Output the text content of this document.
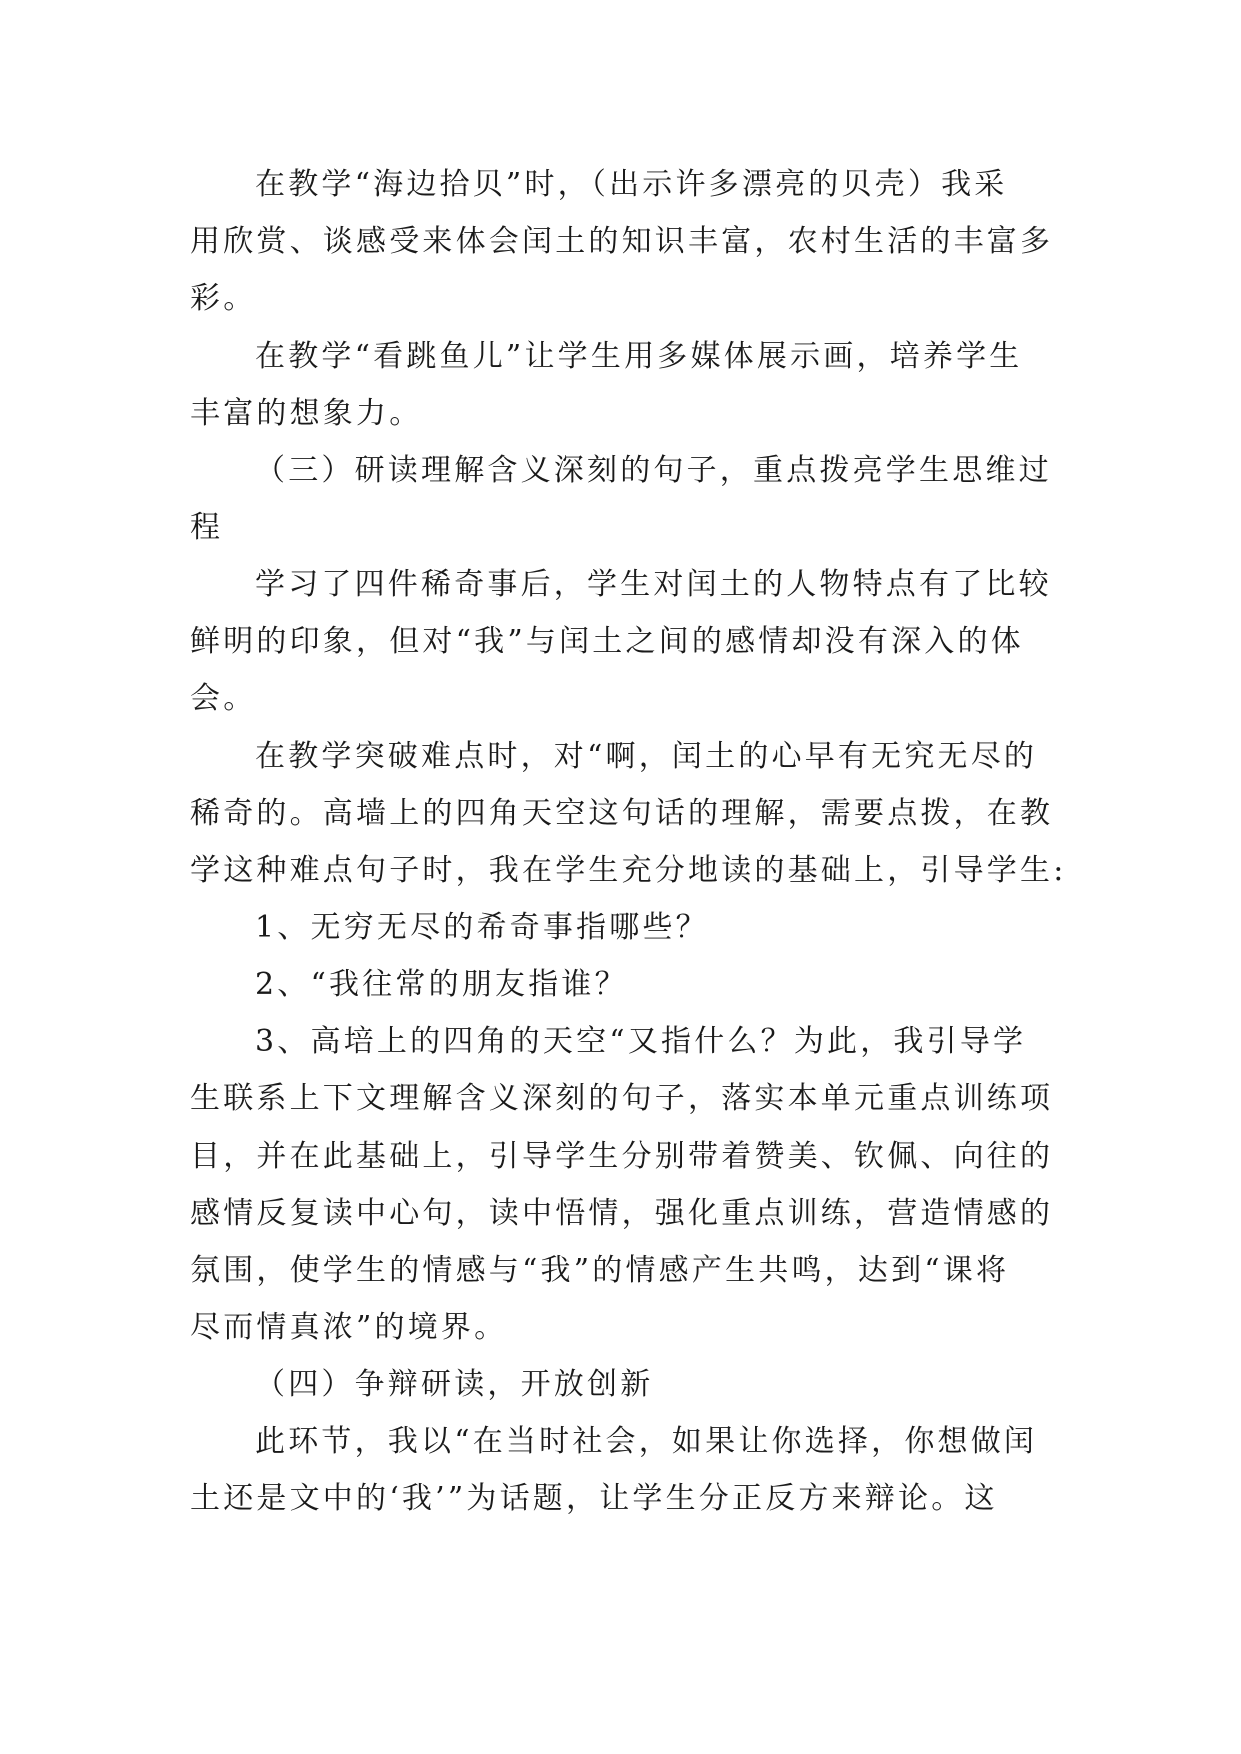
在教学“海边拾贝”时，（出示许多漂亮的贝壳）我采
用欣赏、谈感受来体会闰土的知识丰富，农村生活的丰富多
彩。
在教学“看跳鱼儿”让学生用多媒体展示画，培养学生
丰富的想象力。
（三）研读理解含义深刻的句子，重点拨亮学生思维过
程
学习了四件稀奇事后，学生对闰土的人物特点有了比较
鲜明的印象，但对“我”与闰土之间的感情却没有深入的体
会。
在教学突破难点时，对“啊，闰土的心早有无究无尽的
稀奇的。高墙上的四角天空这句话的理解，需要点拨，在教
学这种难点句子时，我在学生充分地读的基础上，引导学生:
1、无穷无尽的希奇事指哪些？
2、“我往常的朋友指谁？
3、高培上的四角的天空“又指什么？为此，我引导学
生联系上下文理解含义深刻的句子，落实本单元重点训练项
目，并在此基础上，引导学生分别带着赞美、钦佩、向往的
感情反复读中心句，读中悟情，强化重点训练，营造情感的
氛围，使学生的情感与“我”的情感产生共鸣，达到“课将
尽而情真浓”的境界。
（四）争辩研读，开放创新
此环节，我以“在当时社会，如果让你选择，你想做闰
土还是文中的‘我’”为话题，让学生分正反方来辩论。这
